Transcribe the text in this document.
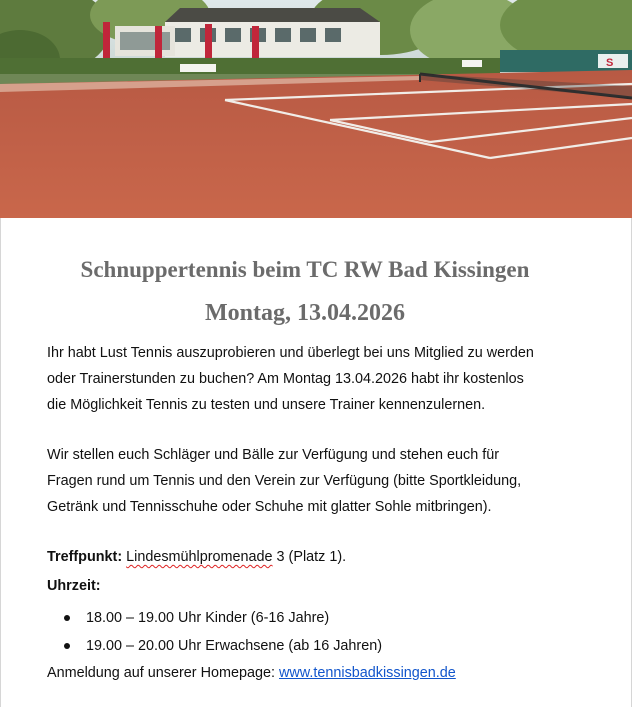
S
Schnuppertennis beim TC RW Bad Kissingen
Montag, 13.04.2026
Ihr habt Lust Tennis auszuprobieren und überlegt bei uns Mitglied zu werden
oder Trainerstunden zu buchen? Am Montag 13.04.2026 habt ihr kostenlos
die Möglichkeit Tennis zu testen und unsere Trainer kennenzulernen.
Wir stellen euch Schläger und Bälle zur Verfügung und stehen euch für
Fragen rund um Tennis und den Verein zur Verfügung (bitte Sportkleidung,
Getränk und Tennisschuhe oder Schuhe mit glatter Sohle mitbringen).
Treffpunkt: Lindesmühlpromenade 3 (Platz 1).
Uhrzeit:
18.00 – 19.00 Uhr Kinder (6-16 Jahre)
19.00 – 20.00 Uhr Erwachsene (ab 16 Jahren)
Anmeldung auf unserer Homepage: www.tennisbadkissingen.de
